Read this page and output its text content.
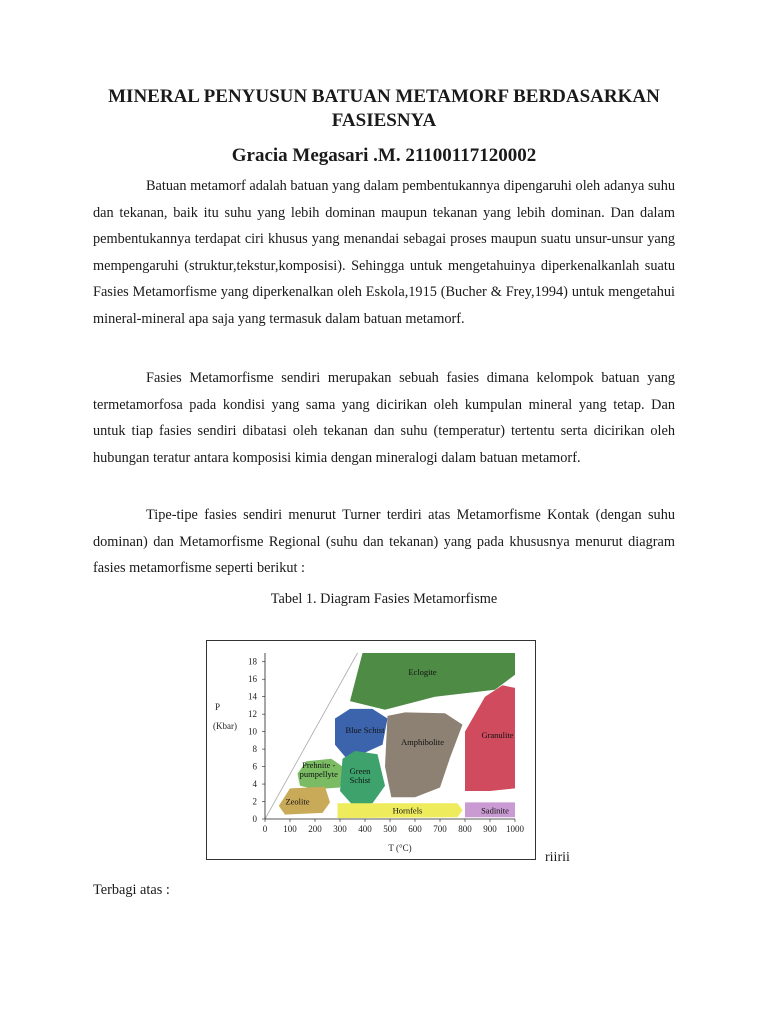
MINERAL PENYUSUN BATUAN METAMORF BERDASARKAN FASIESNYA
Gracia Megasari .M. 21100117120002

Batuan metamorf adalah batuan yang dalam pembentukannya dipengaruhi oleh adanya suhu dan tekanan, baik itu suhu yang lebih dominan maupun tekanan yang lebih dominan. Dan dalam pembentukannya terdapat ciri khusus yang menandai sebagai proses maupun suatu unsur-unsur yang mempengaruhi (struktur,tekstur,komposisi). Sehingga untuk mengetahuinya diperkenalkanlah suatu Fasies Metamorfisme yang diperkenalkan oleh Eskola,1915 (Bucher & Frey,1994) untuk mengetahui mineral-mineral apa saja yang termasuk dalam batuan metamorf.

Fasies Metamorfisme sendiri merupakan sebuah fasies dimana kelompok batuan yang termetamorfosa pada kondisi yang sama yang dicirikan oleh kumpulan mineral yang tetap. Dan untuk tiap fasies sendiri dibatasi oleh tekanan dan suhu (temperatur) tertentu serta dicirikan oleh hubungan teratur antara komposisi kimia dengan mineralogi dalam batuan metamorf.

Tipe-tipe fasies sendiri menurut Turner terdiri atas Metamorfisme Kontak (dengan suhu dominan) dan Metamorfisme Regional (suhu dan tekanan) yang pada khususnya menurut diagram fasies metamorfisme seperti berikut :

Tabel 1. Diagram Fasies Metamorfisme

Eclogite
Blue Schist
Amphibolite
Granulite
Prehnite -pumpellyte Green Schist
Zeolite
Hornfels	Sadinite
0 100 200 300 400 500 600 700 800 900 1000
0
2
4
6
8
10
12
14
16
18
T (°C)
P
(Kbar)

riirii

Terbagi atas :
